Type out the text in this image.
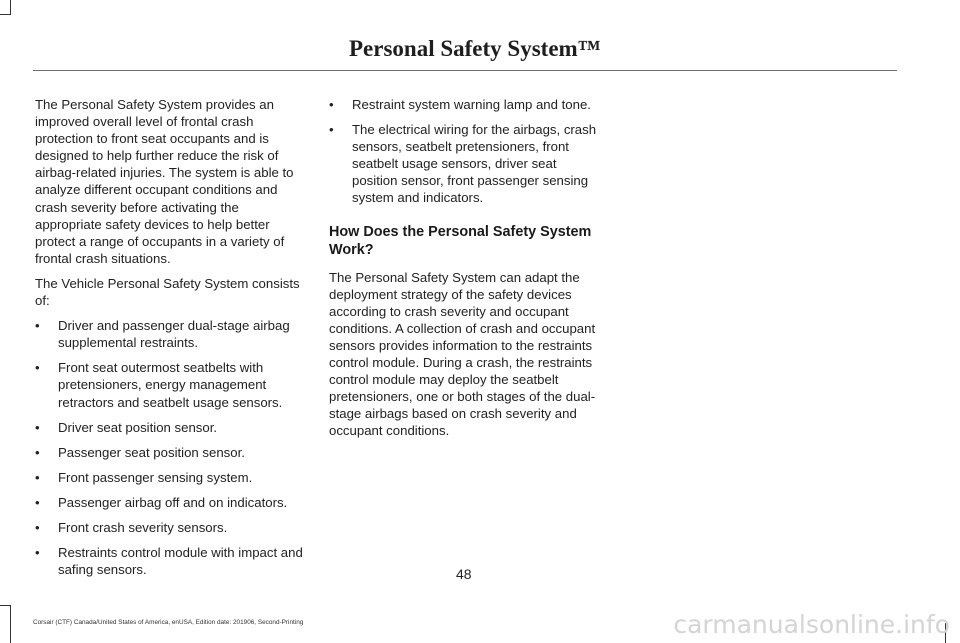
Personal Safety System™

The Personal Safety System provides an improved overall level of frontal crash protection to front seat occupants and is designed to help further reduce the risk of airbag-related injuries. The system is able to analyze different occupant conditions and crash severity before activating the appropriate safety devices to help better protect a range of occupants in a variety of frontal crash situations.

The Vehicle Personal Safety System consists of:

• Driver and passenger dual-stage airbag supplemental restraints.
• Front seat outermost seatbelts with pretensioners, energy management retractors and seatbelt usage sensors.
• Driver seat position sensor.
• Passenger seat position sensor.
• Front passenger sensing system.
• Passenger airbag off and on indicators.
• Front crash severity sensors.
• Restraints control module with impact and safing sensors.
• Restraint system warning lamp and tone.
• The electrical wiring for the airbags, crash sensors, seatbelt pretensioners, front seatbelt usage sensors, driver seat position sensor, front passenger sensing system and indicators.
How Does the Personal Safety System Work?

The Personal Safety System can adapt the deployment strategy of the safety devices according to crash severity and occupant conditions. A collection of crash and occupant sensors provides information to the restraints control module. During a crash, the restraints control module may deploy the seatbelt pretensioners, one or both stages of the dual-stage airbags based on crash severity and occupant conditions.

48
Corsair (CTF) Canada/United States of America, enUSA, Edition date: 201906, Second-Printing	carmanualsonline.info
